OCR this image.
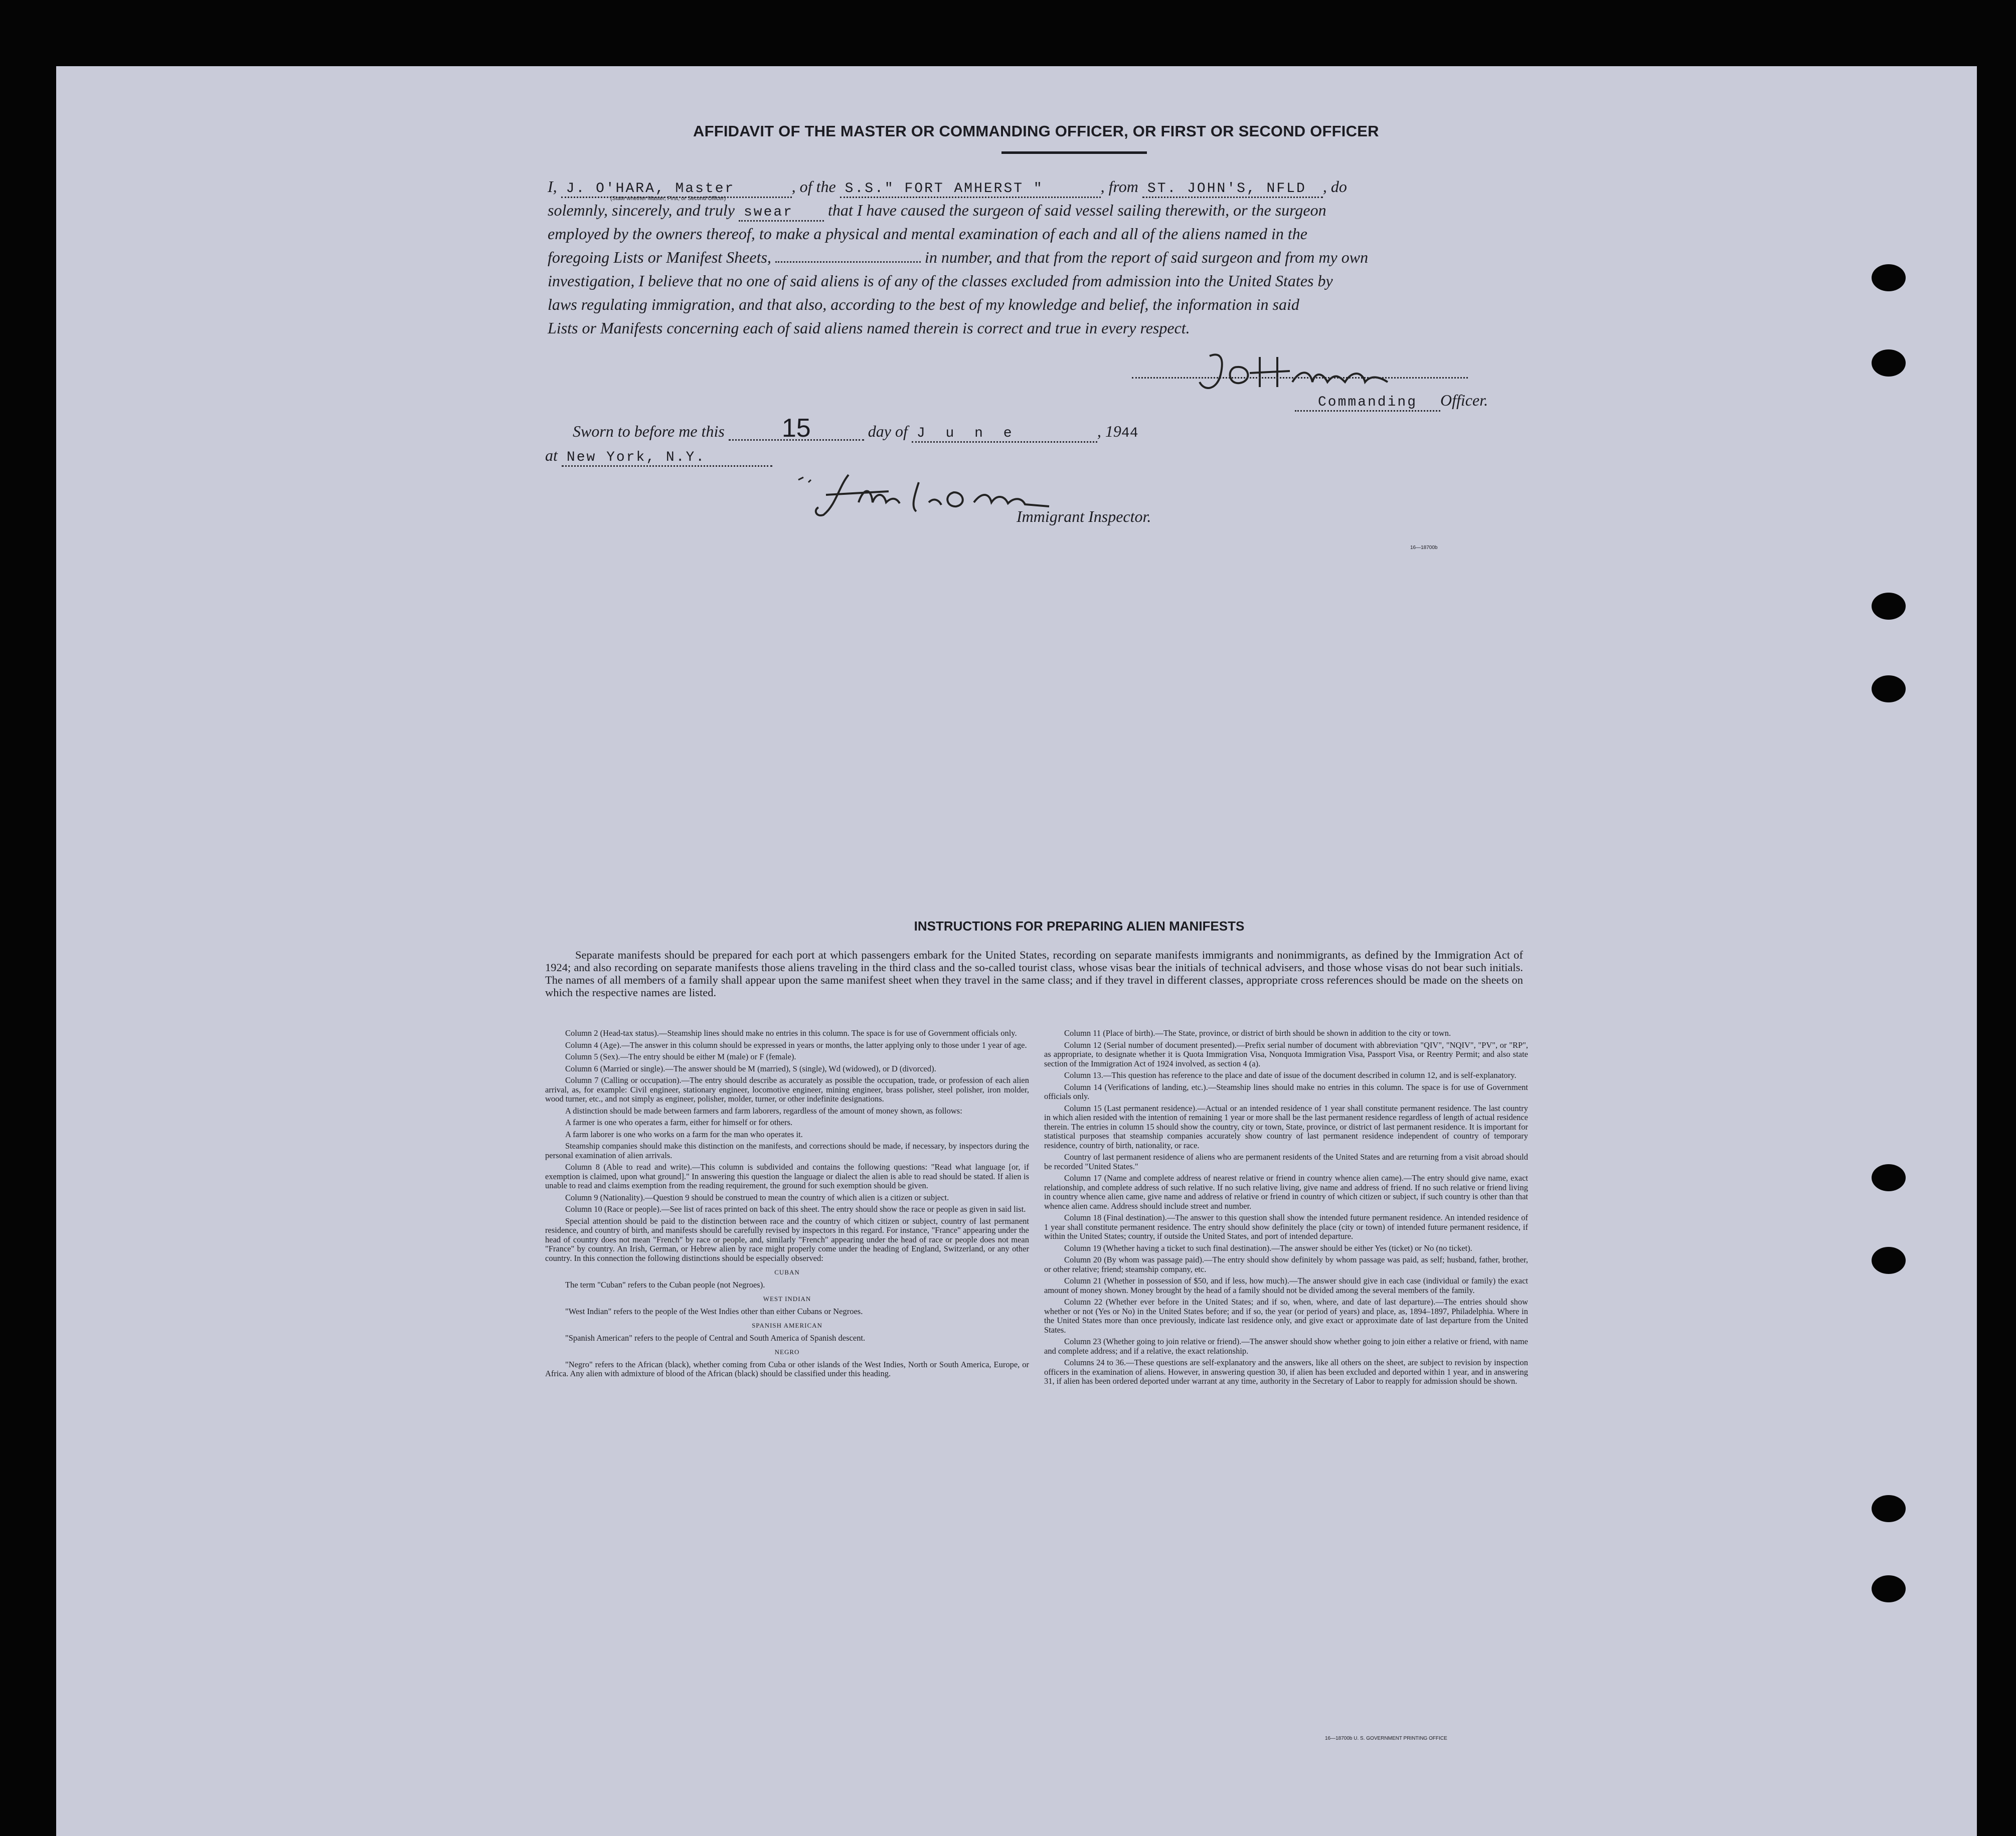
AFFIDAVIT OF THE MASTER OR COMMANDING OFFICER, OR FIRST OR SECOND OFFICER
I, J. O'HARA, Master	, of the S.S." FORT AMHERST "	, from ST. JOHN'S, NFLD , do
(State whether Master, First, or Second Officer)
solemnly, sincerely, and truly swear that I have caused the surgeon of said vessel sailing therewith, or the surgeon
employed by the owners thereof, to make a physical and mental examination of each and all of the aliens named in the
foregoing Lists or Manifest Sheets,	in number, and that from the report of said surgeon and from my own
investigation, I believe that no one of said aliens is of any of the classes excluded from admission into the United States by
laws regulating immigration, and that also, according to the best of my knowledge and belief, the information in said
Lists or Manifests concerning each of said aliens named therein is correct and true in every respect.
Commanding Officer.
Sworn to before me this 15	day of J u n e	, 1944
at New York, N.Y.
Immigrant Inspector.
16—18700b
INSTRUCTIONS FOR PREPARING ALIEN MANIFESTS
Separate manifests should be prepared for each port at which passengers embark for the United States, recording on separate manifests immigrants and nonimmigrants, as defined by the Immigration Act of 1924; and also recording on separate manifests those aliens traveling in the third class and the so-called tourist class, whose visas bear the initials of technical advisers, and those whose visas do not bear such initials. The names of all members of a family shall appear upon the same manifest sheet when they travel in the same class; and if they travel in different classes, appropriate cross references should be made on the sheets on which the respective names are listed.

Column 2 (Head-tax status).—Steamship lines should make no entries in this column. The space is for use of Government officials only.

Column 4 (Age).—The answer in this column should be expressed in years or months, the latter applying only to those under 1 year of age.

Column 5 (Sex).—The entry should be either M (male) or F (female).

Column 6 (Married or single).—The answer should be M (married), S (single), Wd (widowed), or D (divorced).

Column 7 (Calling or occupation).—The entry should describe as accurately as possible the occupation, trade, or profession of each alien arrival, as, for example: Civil engineer, stationary engineer, locomotive engineer, mining engineer, brass polisher, steel polisher, iron molder, wood turner, etc., and not simply as engineer, polisher, molder, turner, or other indefinite designations.

A distinction should be made between farmers and farm laborers, regardless of the amount of money shown, as follows:

A farmer is one who operates a farm, either for himself or for others.

A farm laborer is one who works on a farm for the man who operates it.

Steamship companies should make this distinction on the manifests, and corrections should be made, if necessary, by inspectors during the personal examination of alien arrivals.

Column 8 (Able to read and write).—This column is subdivided and contains the following questions: "Read what language [or, if exemption is claimed, upon what ground]." In answering this question the language or dialect the alien is able to read should be stated. If alien is unable to read and claims exemption from the reading requirement, the ground for such exemption should be given.

Column 9 (Nationality).—Question 9 should be construed to mean the country of which alien is a citizen or subject.

Column 10 (Race or people).—See list of races printed on back of this sheet. The entry should show the race or people as given in said list.

Special attention should be paid to the distinction between race and the country of which citizen or subject, country of last permanent residence, and country of birth, and manifests should be carefully revised by inspectors in this regard. For instance, "France" appearing under the head of country does not mean "French" by race or people, and, similarly "French" appearing under the head of race or people does not mean "France" by country. An Irish, German, or Hebrew alien by race might properly come under the heading of England, Switzerland, or any other country. In this connection the following distinctions should be especially observed:

CUBAN

The term "Cuban" refers to the Cuban people (not Negroes).

WEST INDIAN

"West Indian" refers to the people of the West Indies other than either Cubans or Negroes.

SPANISH AMERICAN

"Spanish American" refers to the people of Central and South America of Spanish descent.

NEGRO

"Negro" refers to the African (black), whether coming from Cuba or other islands of the West Indies, North or South America, Europe, or Africa. Any alien with admixture of blood of the African (black) should be classified under this heading.

Column 11 (Place of birth).—The State, province, or district of birth should be shown in addition to the city or town.

Column 12 (Serial number of document presented).—Prefix serial number of document with abbreviation "QIV", "NQIV", "PV", or "RP", as appropriate, to designate whether it is Quota Immigration Visa, Nonquota Immigration Visa, Passport Visa, or Reentry Permit; and also state section of the Immigration Act of 1924 involved, as section 4 (a).

Column 13.—This question has reference to the place and date of issue of the document described in column 12, and is self-explanatory.

Column 14 (Verifications of landing, etc.).—Steamship lines should make no entries in this column. The space is for use of Government officials only.

Column 15 (Last permanent residence).—Actual or an intended residence of 1 year shall constitute permanent residence. The last country in which alien resided with the intention of remaining 1 year or more shall be the last permanent residence regardless of length of actual residence therein. The entries in column 15 should show the country, city or town, State, province, or district of last permanent residence. It is important for statistical purposes that steamship companies accurately show country of last permanent residence independent of country of temporary residence, country of birth, nationality, or race.

Country of last permanent residence of aliens who are permanent residents of the United States and are returning from a visit abroad should be recorded "United States."

Column 17 (Name and complete address of nearest relative or friend in country whence alien came).—The entry should give name, exact relationship, and complete address of such relative. If no such relative living, give name and address of friend. If no such relative or friend living in country whence alien came, give name and address of relative or friend in country of which citizen or subject, if such country is other than that whence alien came. Address should include street and number.

Column 18 (Final destination).—The answer to this question shall show the intended future permanent residence. An intended residence of 1 year shall constitute permanent residence. The entry should show definitely the place (city or town) of intended future permanent residence, if within the United States; country, if outside the United States, and port of intended departure.

Column 19 (Whether having a ticket to such final destination).—The answer should be either Yes (ticket) or No (no ticket).

Column 20 (By whom was passage paid).—The entry should show definitely by whom passage was paid, as self; husband, father, brother, or other relative; friend; steamship company, etc.

Column 21 (Whether in possession of $50, and if less, how much).—The answer should give in each case (individual or family) the exact amount of money shown. Money brought by the head of a family should not be divided among the several members of the family.

Column 22 (Whether ever before in the United States; and if so, when, where, and date of last departure).—The entries should show whether or not (Yes or No) in the United States before; and if so, the year (or period of years) and place, as, 1894–1897, Philadelphia. Where in the United States more than once previously, indicate last residence only, and give exact or approximate date of last departure from the United States.

Column 23 (Whether going to join relative or friend).—The answer should show whether going to join either a relative or friend, with name and complete address; and if a relative, the exact relationship.

Columns 24 to 36.—These questions are self-explanatory and the answers, like all others on the sheet, are subject to revision by inspection officers in the examination of aliens. However, in answering question 30, if alien has been excluded and deported within 1 year, and in answering 31, if alien has been ordered deported under warrant at any time, authority in the Secretary of Labor to reapply for admission should be shown.

16—18700b U. S. GOVERNMENT PRINTING OFFICE
